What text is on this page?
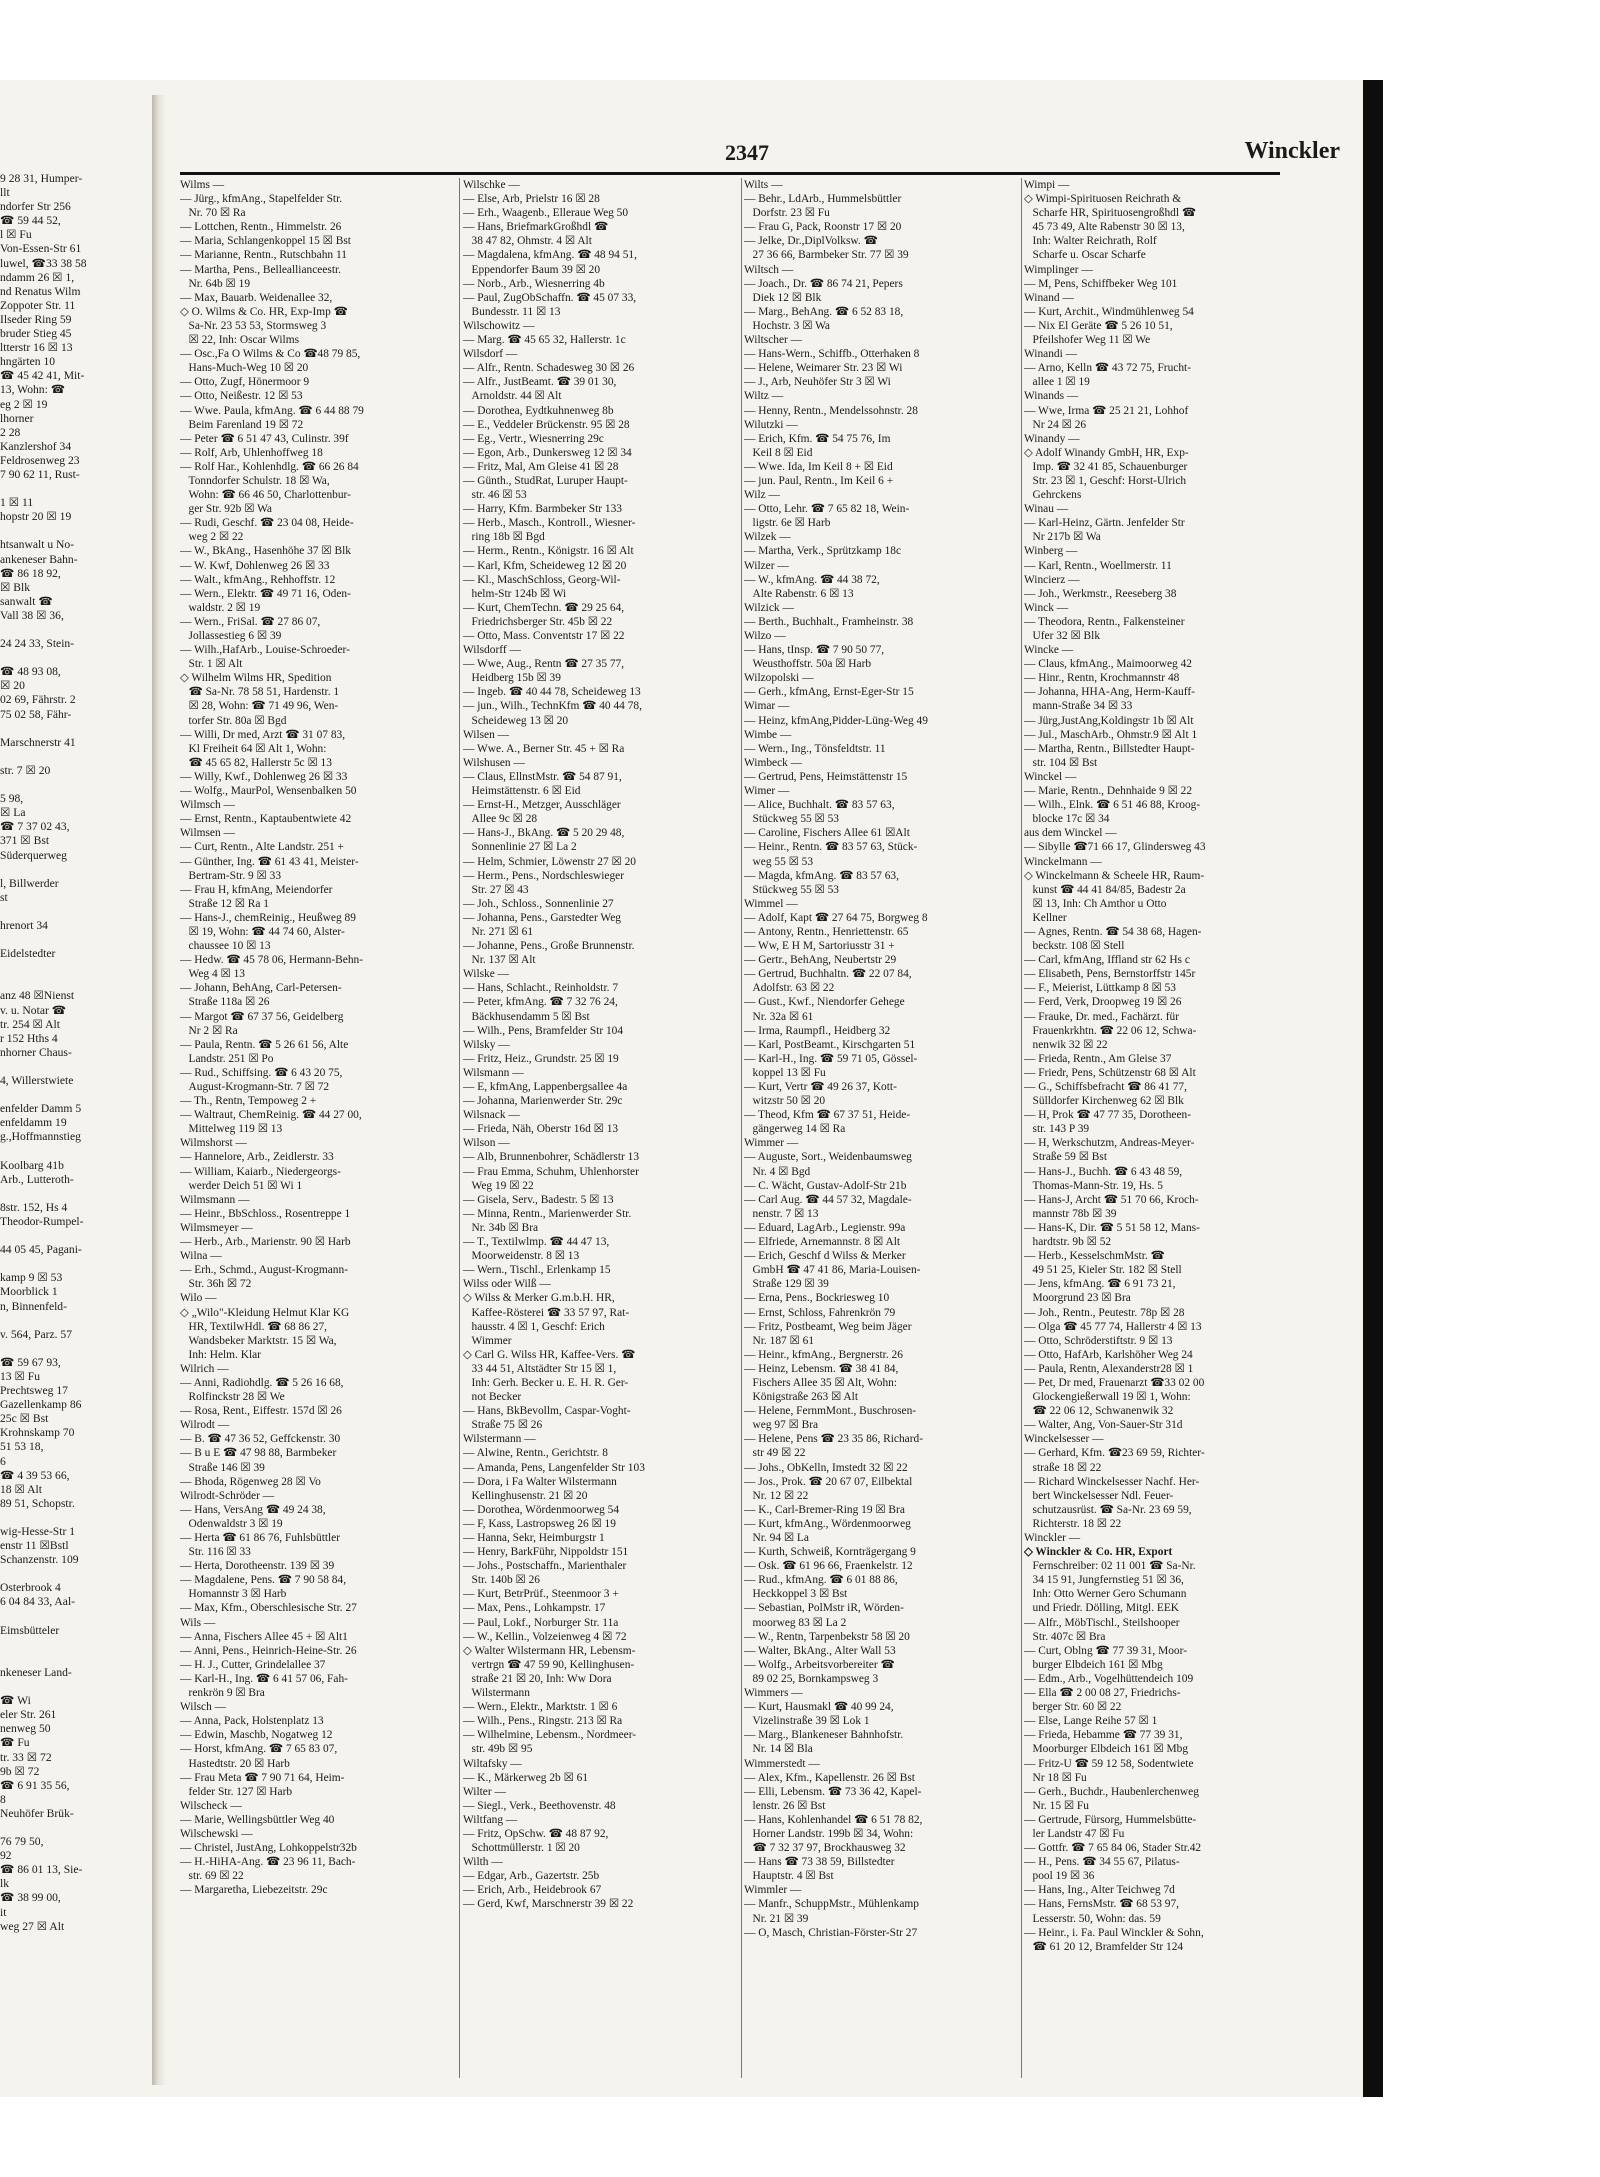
9 28 31, Humper-
llt
ndorfer Str 256
☎ 59 44 52,
l ☒ Fu
Von-Essen-Str 61
luwel, ☎33 38 58
ndamm 26 ☒ 1,
nd Renatus Wilm
Zoppoter Str. 11
Ilseder Ring 59
bruder Stieg 45
ltterstr 16 ☒ 13
hngärten 10
☎ 45 42 41, Mit-
13, Wohn: ☎
eg 2 ☒ 19
lhorner
2 28
Kanzlershof 34
Feldrosenweg 23
7 90 62 11, Rust-

1 ☒ 11
hopstr 20 ☒ 19

htsanwalt u No-
ankeneser Bahn-
☎ 86 18 92,
☒ Blk
sanwalt ☎
Vall 38 ☒ 36,

24 24 33, Stein-

☎ 48 93 08,
☒ 20
02 69, Fährstr. 2
75 02 58, Fähr-

Marschnerstr 41

str. 7 ☒ 20

5 98,
☒ La
☎ 7 37 02 43,
371 ☒ Bst
Süderquerweg

l, Billwerder
st

hrenort 34

Eidelstedter

anz 48 ☒Nienst
v. u. Notar ☎
tr. 254 ☒ Alt
r 152 Hths 4
nhorner Chaus-

4, Willerstwiete

enfelder Damm 5
enfeldamm 19
g.,Hoffmannstieg

Koolbarg 41b
Arb., Lutteroth-

8str. 152, Hs 4
Theodor-Rumpel-

44 05 45, Pagani-

kamp 9 ☒ 53
Moorblick 1
n, Binnenfeld-

v. 564, Parz. 57

☎ 59 67 93,
13 ☒ Fu
Prechtsweg 17
Gazellenkamp 86
25c ☒ Bst
Krohnskamp 70
51 53 18,
6
☎ 4 39 53 66,
18 ☒ Alt
89 51, Schopstr.

wig-Hesse-Str 1
enstr 11 ☒Bstl
Schanzenstr. 109

Osterbrook 4
6 04 84 33, Aal-

Eimsbütteler

nkeneser Land-

☎ Wi
eler Str. 261
nenweg 50
☎ Fu
tr. 33 ☒ 72
9b ☒ 72
☎ 6 91 35 56,
8
Neuhöfer Brük-

76 79 50,
92
☎ 86 01 13, Sie-
lk
☎ 38 99 00,
it
weg 27 ☒ Alt
2347	Winckler
Wilms —
— Jürg., kfmAng., Stapelfelder Str.
Nr. 70 ☒ Ra
— Lottchen, Rentn., Himmelstr. 26
— Maria, Schlangenkoppel 15 ☒ Bst
— Marianne, Rentn., Rutschbahn 11
— Martha, Pens., Belleallianceestr.
Nr. 64b ☒ 19
— Max, Bauarb. Weidenallee 32,
◇ O. Wilms & Co. HR, Exp-Imp ☎
Sa-Nr. 23 53 53, Stormsweg 3
☒ 22, Inh: Oscar Wilms
— Osc.,Fa O Wilms & Co ☎48 79 85,
Hans-Much-Weg 10 ☒ 20
— Otto, Zugf, Hönermoor 9
— Otto, Neißestr. 12 ☒ 53
— Wwe. Paula, kfmAng. ☎ 6 44 88 79
Beim Farenland 19 ☒ 72
— Peter ☎ 6 51 47 43, Culinstr. 39f
— Rolf, Arb, Uhlenhoffweg 18
— Rolf Har., Kohlenhdlg. ☎ 66 26 84
Tonndorfer Schulstr. 18 ☒ Wa,
Wohn: ☎ 66 46 50, Charlottenbur-
ger Str. 92b ☒ Wa
— Rudi, Geschf. ☎ 23 04 08, Heide-
weg 2 ☒ 22
— W., BkAng., Hasenhöhe 37 ☒ Blk
— W. Kwf, Dohlenweg 26 ☒ 33
— Walt., kfmAng., Rehhoffstr. 12
— Wern., Elektr. ☎ 49 71 16, Oden-
waldstr. 2 ☒ 19
— Wern., FriSal. ☎ 27 86 07,
Jollassestieg 6 ☒ 39
— Wilh.,HafArb., Louise-Schroeder-
Str. 1 ☒ Alt
◇ Wilhelm Wilms HR, Spedition
☎ Sa-Nr. 78 58 51, Hardenstr. 1
☒ 28, Wohn: ☎ 71 49 96, Wen-
torfer Str. 80a ☒ Bgd
— Willi, Dr med, Arzt ☎ 31 07 83,
Kl Freiheit 64 ☒ Alt 1, Wohn:
☎ 45 65 82, Hallerstr 5c ☒ 13
— Willy, Kwf., Dohlenweg 26 ☒ 33
— Wolfg., MaurPol, Wensenbalken 50
Wilmsch —
— Ernst, Rentn., Kaptaubentwiete 42
Wilmsen —
— Curt, Rentn., Alte Landstr. 251 +
— Günther, Ing. ☎ 61 43 41, Meister-
Bertram-Str. 9 ☒ 33
— Frau H, kfmAng, Meiendorfer
Straße 12 ☒ Ra 1
— Hans-J., chemReinig., Heußweg 89
☒ 19, Wohn: ☎ 44 74 60, Alster-
chaussee 10 ☒ 13
— Hedw. ☎ 45 78 06, Hermann-Behn-
Weg 4 ☒ 13
— Johann, BehAng, Carl-Petersen-
Straße 118a ☒ 26
— Margot ☎ 67 37 56, Geidelberg
Nr 2 ☒ Ra
— Paula, Rentn. ☎ 5 26 61 56, Alte
Landstr. 251 ☒ Po
— Rud., Schiffsing. ☎ 6 43 20 75,
August-Krogmann-Str. 7 ☒ 72
— Th., Rentn, Tempoweg 2 +
— Waltraut, ChemReinig. ☎ 44 27 00,
Mittelweg 119 ☒ 13
Wilmshorst —
— Hannelore, Arb., Zeidlerstr. 33
— William, Kaiarb., Niedergeorgs-
werder Deich 51 ☒ Wi 1
Wilmsmann —
— Heinr., BbSchloss., Rosentreppe 1
Wilmsmeyer —
— Herb., Arb., Marienstr. 90 ☒ Harb
Wilna —
— Erh., Schmd., August-Krogmann-
Str. 36h ☒ 72
Wilo —
◇ „Wilo"-Kleidung Helmut Klar KG
HR, TextilwHdl. ☎ 68 86 27,
Wandsbeker Marktstr. 15 ☒ Wa,
Inh: Helm. Klar
Wilrich —
— Anni, Radiohdlg. ☎ 5 26 16 68,
Rolfinckstr 28 ☒ We
— Rosa, Rent., Eiffestr. 157d ☒ 26
Wilrodt —
— B. ☎ 47 36 52, Geffckenstr. 30
— B u E ☎ 47 98 88, Barmbeker
Straße 146 ☒ 39
— Bhoda, Rögenweg 28 ☒ Vo
Wilrodt-Schröder —
— Hans, VersAng ☎ 49 24 38,
Odenwaldstr 3 ☒ 19
— Herta ☎ 61 86 76, Fuhlsbüttler
Str. 116 ☒ 33
— Herta, Dorotheenstr. 139 ☒ 39
— Magdalene, Pens. ☎ 7 90 58 84,
Homannstr 3 ☒ Harb
— Max, Kfm., Oberschlesische Str. 27
Wils —
— Anna, Fischers Allee 45 + ☒ Alt1
— Anni, Pens., Heinrich-Heine-Str. 26
— H. J., Cutter, Grindelallee 37
— Karl-H., Ing. ☎ 6 41 57 06, Fah-
renkrön 9 ☒ Bra
Wilsch —
— Anna, Pack, Holstenplatz 13
— Edwin, Maschb, Nogatweg 12
— Horst, kfmAng. ☎ 7 65 83 07,
Hastedtstr. 20 ☒ Harb
— Frau Meta ☎ 7 90 71 64, Heim-
felder Str. 127 ☒ Harb
Wilscheck —
— Marie, Wellingsbüttler Weg 40
Wilschewski —
— Christel, JustAng, Lohkoppelstr32b
— H.-HiHA-Ang. ☎ 23 96 11, Bach-
str. 69 ☒ 22
— Margaretha, Liebezeitstr. 29c
Wilschke —
— Else, Arb, Prielstr 16 ☒ 28
— Erh., Waagenb., Elleraue Weg 50
— Hans, BriefmarkGroßhdl ☎
38 47 82, Ohmstr. 4 ☒ Alt
— Magdalena, kfmAng. ☎ 48 94 51,
Eppendorfer Baum 39 ☒ 20
— Norb., Arb., Wiesnerring 4b
— Paul, ZugObSchaffn. ☎ 45 07 33,
Bundesstr. 11 ☒ 13
Wilschowitz —
— Marg. ☎ 45 65 32, Hallerstr. 1c
Wilsdorf —
— Alfr., Rentn. Schadesweg 30 ☒ 26
— Alfr., JustBeamt. ☎ 39 01 30,
Arnoldstr. 44 ☒ Alt
— Dorothea, Eydtkuhnenweg 8b
— E., Veddeler Brückenstr. 95 ☒ 28
— Eg., Vertr., Wiesnerring 29c
— Egon, Arb., Dunkersweg 12 ☒ 34
— Fritz, Mal, Am Gleise 41 ☒ 28
— Günth., StudRat, Luruper Haupt-
str. 46 ☒ 53
— Harry, Kfm. Barmbeker Str 133
— Herb., Masch., Kontroll., Wiesner-
ring 18b ☒ Bgd
— Herm., Rentn., Königstr. 16 ☒ Alt
— Karl, Kfm, Scheideweg 12 ☒ 20
— Kl., MaschSchloss, Georg-Wil-
helm-Str 124b ☒ Wi
— Kurt, ChemTechn. ☎ 29 25 64,
Friedrichsberger Str. 45b ☒ 22
— Otto, Mass. Conventstr 17 ☒ 22
Wilsdorff —
— Wwe, Aug., Rentn ☎ 27 35 77,
Heidberg 15b ☒ 39
— Ingeb. ☎ 40 44 78, Scheideweg 13
— jun., Wilh., TechnKfm ☎ 40 44 78,
Scheideweg 13 ☒ 20
Wilsen —
— Wwe. A., Berner Str. 45 + ☒ Ra
Wilshusen —
— Claus, EllnstMstr. ☎ 54 87 91,
Heimstättenstr. 6 ☒ Eid
— Ernst-H., Metzger, Ausschläger
Allee 9c ☒ 28
— Hans-J., BkAng. ☎ 5 20 29 48,
Sonnenlinie 27 ☒ La 2
— Helm, Schmier, Löwenstr 27 ☒ 20
— Herm., Pens., Nordschleswieger
Str. 27 ☒ 43
— Joh., Schloss., Sonnenlinie 27
— Johanna, Pens., Garstedter Weg
Nr. 271 ☒ 61
— Johanne, Pens., Große Brunnenstr.
Nr. 137 ☒ Alt
Wilske —
— Hans, Schlacht., Reinholdstr. 7
— Peter, kfmAng. ☎ 7 32 76 24,
Bäckhusendamm 5 ☒ Bst
— Wilh., Pens, Bramfelder Str 104
Wilsky —
— Fritz, Heiz., Grundstr. 25 ☒ 19
Wilsmann —
— E, kfmAng, Lappenbergsallee 4a
— Johanna, Marienwerder Str. 29c
Wilsnack —
— Frieda, Näh, Oberstr 16d ☒ 13
Wilson —
— Alb, Brunnenbohrer, Schädlerstr 13
— Frau Emma, Schuhm, Uhlenhorster
Weg 19 ☒ 22
— Gisela, Serv., Badestr. 5 ☒ 13
— Minna, Rentn., Marienwerder Str.
Nr. 34b ☒ Bra
— T., Textilwlmp. ☎ 44 47 13,
Moorweidenstr. 8 ☒ 13
— Wern., Tischl., Erlenkamp 15
Wilss oder Wilß —
◇ Wilss & Merker G.m.b.H. HR,
Kaffee-Rösterei ☎ 33 57 97, Rat-
hausstr. 4 ☒ 1, Geschf: Erich
Wimmer
◇ Carl G. Wilss HR, Kaffee-Vers. ☎
33 44 51, Altstädter Str 15 ☒ 1,
Inh: Gerh. Becker u. E. H. R. Ger-
not Becker
— Hans, BkBevollm, Caspar-Voght-
Straße 75 ☒ 26
Wilstermann —
— Alwine, Rentn., Gerichtstr. 8
— Amanda, Pens, Langenfelder Str 103
— Dora, i Fa Walter Wilstermann
Kellinghusenstr. 21 ☒ 20
— Dorothea, Wördenmoorweg 54
— F, Kass, Lastropsweg 26 ☒ 19
— Hanna, Sekr, Heimburgstr 1
— Henry, BarkFühr, Nippoldstr 151
— Johs., Postschaffn., Marienthaler
Str. 140b ☒ 26
— Kurt, BetrPrüf., Steenmoor 3 +
— Max, Pens., Lohkampstr. 17
— Paul, Lokf., Norburger Str. 11a
— W., Kellin., Volzeienweg 4 ☒ 72
◇ Walter Wilstermann HR, Lebensm-
vertrgn ☎ 47 59 90, Kellinghusen-
straße 21 ☒ 20, Inh: Ww Dora
Wilstermann
— Wern., Elektr., Marktstr. 1 ☒ 6
— Wilh., Pens., Ringstr. 213 ☒ Ra
— Wilhelmine, Lebensm., Nordmeer-
str. 49b ☒ 95
Wiltafsky —
— K., Märkerweg 2b ☒ 61
Wilter —
— Siegl., Verk., Beethovenstr. 48
Wiltfang —
— Fritz, OpSchw. ☎ 48 87 92,
Schottmüllerstr. 1 ☒ 20
Wilth —
— Edgar, Arb., Gazertstr. 25b
— Erich, Arb., Heidebrook 67
— Gerd, Kwf, Marschnerstr 39 ☒ 22
Wilts —
— Behr., LdArb., Hummelsbüttler
Dorfstr. 23 ☒ Fu
— Frau G, Pack, Roonstr 17 ☒ 20
— Jelke, Dr.,DiplVolksw. ☎
27 36 66, Barmbeker Str. 77 ☒ 39
Wiltsch —
— Joach., Dr. ☎ 86 74 21, Pepers
Diek 12 ☒ Blk
— Marg., BehAng. ☎ 6 52 83 18,
Hochstr. 3 ☒ Wa
Wiltscher —
— Hans-Wern., Schiffb., Otterhaken 8
— Helene, Weimarer Str. 23 ☒ Wi
— J., Arb, Neuhöfer Str 3 ☒ Wi
Wiltz —
— Henny, Rentn., Mendelssohnstr. 28
Wilutzki —
— Erich, Kfm. ☎ 54 75 76, Im
Keil 8 ☒ Eid
— Wwe. Ida, Im Keil 8 + ☒ Eid
— jun. Paul, Rentn., Im Keil 6 +
Wilz —
— Otto, Lehr. ☎ 7 65 82 18, Wein-
ligstr. 6e ☒ Harb
Wilzek —
— Martha, Verk., Sprützkamp 18c
Wilzer —
— W., kfmAng. ☎ 44 38 72,
Alte Rabenstr. 6 ☒ 13
Wilzick —
— Berth., Buchhalt., Framheinstr. 38
Wilzo —
— Hans, tInsp. ☎ 7 90 50 77,
Weusthoffstr. 50a ☒ Harb
Wilzopolski —
— Gerh., kfmAng, Ernst-Eger-Str 15
Wimar —
— Heinz, kfmAng,Pidder-Lüng-Weg 49
Wimbe —
— Wern., Ing., Tönsfeldtstr. 11
Wimbeck —
— Gertrud, Pens, Heimstättenstr 15
Wimer —
— Alice, Buchhalt. ☎ 83 57 63,
Stückweg 55 ☒ 53
— Caroline, Fischers Allee 61 ☒Alt
— Heinr., Rentn. ☎ 83 57 63, Stück-
weg 55 ☒ 53
— Magda, kfmAng. ☎ 83 57 63,
Stückweg 55 ☒ 53
Wimmel —
— Adolf, Kapt ☎ 27 64 75, Borgweg 8
— Antony, Rentn., Henriettenstr. 65
— Ww, E H M, Sartoriusstr 31 +
— Gertr., BehAng, Neubertstr 29
— Gertrud, Buchhaltn. ☎ 22 07 84,
Adolfstr. 63 ☒ 22
— Gust., Kwf., Niendorfer Gehege
Nr. 32a ☒ 61
— Irma, Raumpfl., Heidberg 32
— Karl, PostBeamt., Kirschgarten 51
— Karl-H., Ing. ☎ 59 71 05, Gössel-
koppel 13 ☒ Fu
— Kurt, Vertr ☎ 49 26 37, Kott-
witzstr 50 ☒ 20
— Theod, Kfm ☎ 67 37 51, Heide-
gängerweg 14 ☒ Ra
Wimmer —
— Auguste, Sort., Weidenbaumsweg
Nr. 4 ☒ Bgd
— C. Wächt, Gustav-Adolf-Str 21b
— Carl Aug. ☎ 44 57 32, Magdale-
nenstr. 7 ☒ 13
— Eduard, LagArb., Legienstr. 99a
— Elfriede, Arnemannstr. 8 ☒ Alt
— Erich, Geschf d Wilss & Merker
GmbH ☎ 47 41 86, Maria-Louisen-
Straße 129 ☒ 39
— Erna, Pens., Bockriesweg 10
— Ernst, Schloss, Fahrenkrön 79
— Fritz, Postbeamt, Weg beim Jäger
Nr. 187 ☒ 61
— Heinr., kfmAng., Bergnerstr. 26
— Heinz, Lebensm. ☎ 38 41 84,
Fischers Allee 35 ☒ Alt, Wohn:
Königstraße 263 ☒ Alt
— Helene, FernmMont., Buschrosen-
weg 97 ☒ Bra
— Helene, Pens ☎ 23 35 86, Richard-
str 49 ☒ 22
— Johs., ObKelln, Imstedt 32 ☒ 22
— Jos., Prok. ☎ 20 67 07, Eilbektal
Nr. 12 ☒ 22
— K., Carl-Bremer-Ring 19 ☒ Bra
— Kurt, kfmAng., Wördenmoorweg
Nr. 94 ☒ La
— Kurth, Schweiß, Kornträgergang 9
— Osk. ☎ 61 96 66, Fraenkelstr. 12
— Rud., kfmAng. ☎ 6 01 88 86,
Heckkoppel 3 ☒ Bst
— Sebastian, PolMstr iR, Wörden-
moorweg 83 ☒ La 2
— W., Rentn, Tarpenbekstr 58 ☒ 20
— Walter, BkAng., Alter Wall 53
— Wolfg., Arbeitsvorbereiter ☎
89 02 25, Bornkampsweg 3
Wimmers —
— Kurt, Hausmakl ☎ 40 99 24,
Vizelinstraße 39 ☒ Lok 1
— Marg., Blankeneser Bahnhofstr.
Nr. 14 ☒ Bla
Wimmerstedt —
— Alex, Kfm., Kapellenstr. 26 ☒ Bst
— Elli, Lebensm. ☎ 73 36 42, Kapel-
lenstr. 26 ☒ Bst
— Hans, Kohlenhandel ☎ 6 51 78 82,
Horner Landstr. 199b ☒ 34, Wohn:
☎ 7 32 37 97, Brockhausweg 32
— Hans ☎ 73 38 59, Billstedter
Hauptstr. 4 ☒ Bst
Wimmler —
— Manfr., SchuppMstr., Mühlenkamp
Nr. 21 ☒ 39
— O, Masch, Christian-Förster-Str 27
Wimpi —
◇ Wimpi-Spirituosen Reichrath &
Scharfe HR, Spirituosengroßhdl ☎
45 73 49, Alte Rabenstr 30 ☒ 13,
Inh: Walter Reichrath, Rolf
Scharfe u. Oscar Scharfe
Wimplinger —
— M, Pens, Schiffbeker Weg 101
Winand —
— Kurt, Archit., Windmühlenweg 54
— Nix El Geräte ☎ 5 26 10 51,
Pfeilshofer Weg 11 ☒ We
Winandi —
— Arno, Kelln ☎ 43 72 75, Frucht-
allee 1 ☒ 19
Winands —
— Wwe, Irma ☎ 25 21 21, Lohhof
Nr 24 ☒ 26
Winandy —
◇ Adolf Winandy GmbH, HR, Exp-
Imp. ☎ 32 41 85, Schauenburger
Str. 23 ☒ 1, Geschf: Horst-Ulrich
Gehrckens
Winau —
— Karl-Heinz, Gärtn. Jenfelder Str
Nr 217b ☒ Wa
Winberg —
— Karl, Rentn., Woellmerstr. 11
Wincierz —
— Joh., Werkmstr., Reeseberg 38
Winck —
— Theodora, Rentn., Falkensteiner
Ufer 32 ☒ Blk
Wincke —
— Claus, kfmAng., Maimoorweg 42
— Hinr., Rentn, Krochmannstr 48
— Johanna, HHA-Ang, Herm-Kauff-
mann-Straße 34 ☒ 33
— Jürg,JustAng,Koldingstr 1b ☒ Alt
— Jul., MaschArb., Ohmstr.9 ☒ Alt 1
— Martha, Rentn., Billstedter Haupt-
str. 104 ☒ Bst
Winckel —
— Marie, Rentn., Dehnhaide 9 ☒ 22
— Wilh., Elnk. ☎ 6 51 46 88, Kroog-
blocke 17c ☒ 34
aus dem Winckel —
— Sibylle ☎71 66 17, Glindersweg 43
Winckelmann —
◇ Winckelmann & Scheele HR, Raum-
kunst ☎ 44 41 84/85, Badestr 2a
☒ 13, Inh: Ch Amthor u Otto
Kellner
— Agnes, Rentn. ☎ 54 38 68, Hagen-
beckstr. 108 ☒ Stell
— Carl, kfmAng, Iffland str 62 Hs c
— Elisabeth, Pens, Bernstorffstr 145r
— F., Meierist, Lüttkamp 8 ☒ 53
— Ferd, Verk, Droopweg 19 ☒ 26
— Frauke, Dr. med., Fachärzt. für
Frauenkrkhtn. ☎ 22 06 12, Schwa-
nenwik 32 ☒ 22
— Frieda, Rentn., Am Gleise 37
— Friedr, Pens, Schützenstr 68 ☒ Alt
— G., Schiffsbefracht ☎ 86 41 77,
Sülldorfer Kirchenweg 62 ☒ Blk
— H, Prok ☎ 47 77 35, Dorotheen-
str. 143 P 39
— H, Werkschutzm, Andreas-Meyer-
Straße 59 ☒ Bst
— Hans-J., Buchh. ☎ 6 43 48 59,
Thomas-Mann-Str. 19, Hs. 5
— Hans-J, Archt ☎ 51 70 66, Kroch-
mannstr 78b ☒ 39
— Hans-K, Dir. ☎ 5 51 58 12, Mans-
hardtstr. 9b ☒ 52
— Herb., KesselschmMstr. ☎
49 51 25, Kieler Str. 182 ☒ Stell
— Jens, kfmAng. ☎ 6 91 73 21,
Moorgrund 23 ☒ Bra
— Joh., Rentn., Peutestr. 78p ☒ 28
— Olga ☎ 45 77 74, Hallerstr 4 ☒ 13
— Otto, Schröderstiftstr. 9 ☒ 13
— Otto, HafArb, Karlshöher Weg 24
— Paula, Rentn, Alexanderstr28 ☒ 1
— Pet, Dr med, Frauenarzt ☎33 02 00
Glockengießerwall 19 ☒ 1, Wohn:
☎ 22 06 12, Schwanenwik 32
— Walter, Ang, Von-Sauer-Str 31d
Winckelsesser —
— Gerhard, Kfm. ☎23 69 59, Richter-
straße 18 ☒ 22
— Richard Winckelsesser Nachf. Her-
bert Winckelsesser Ndl. Feuer-
schutzausrüst. ☎ Sa-Nr. 23 69 59,
Richterstr. 18 ☒ 22
Winckler —
◇ Winckler & Co. HR, Export
Fernschreiber: 02 11 001 ☎ Sa-Nr.
34 15 91, Jungfernstieg 51 ☒ 36,
Inh: Otto Werner Gero Schumann
und Friedr. Dölling, Mitgl. EEK
— Alfr., MöbTischl., Steilshooper
Str. 407c ☒ Bra
— Curt, Oblng ☎ 77 39 31, Moor-
burger Elbdeich 161 ☒ Mbg
— Edm., Arb., Vogelhüttendeich 109
— Ella ☎ 2 00 08 27, Friedrichs-
berger Str. 60 ☒ 22
— Else, Lange Reihe 57 ☒ 1
— Frieda, Hebamme ☎ 77 39 31,
Moorburger Elbdeich 161 ☒ Mbg
— Fritz-U ☎ 59 12 58, Sodentwiete
Nr 18 ☒ Fu
— Gerh., Buchdr., Haubenlerchenweg
Nr. 15 ☒ Fu
— Gertrude, Fürsorg, Hummelsbütte-
ler Landstr 47 ☒ Fu
— Gottfr. ☎ 7 65 84 06, Stader Str.42
— H., Pens. ☎ 34 55 67, Pilatus-
pool 19 ☒ 36
— Hans, Ing., Alter Teichweg 7d
— Hans, FernsMstr. ☎ 68 53 97,
Lesserstr. 50, Wohn: das. 59
— Heinr., i. Fa. Paul Winckler & Sohn,
☎ 61 20 12, Bramfelder Str 124
